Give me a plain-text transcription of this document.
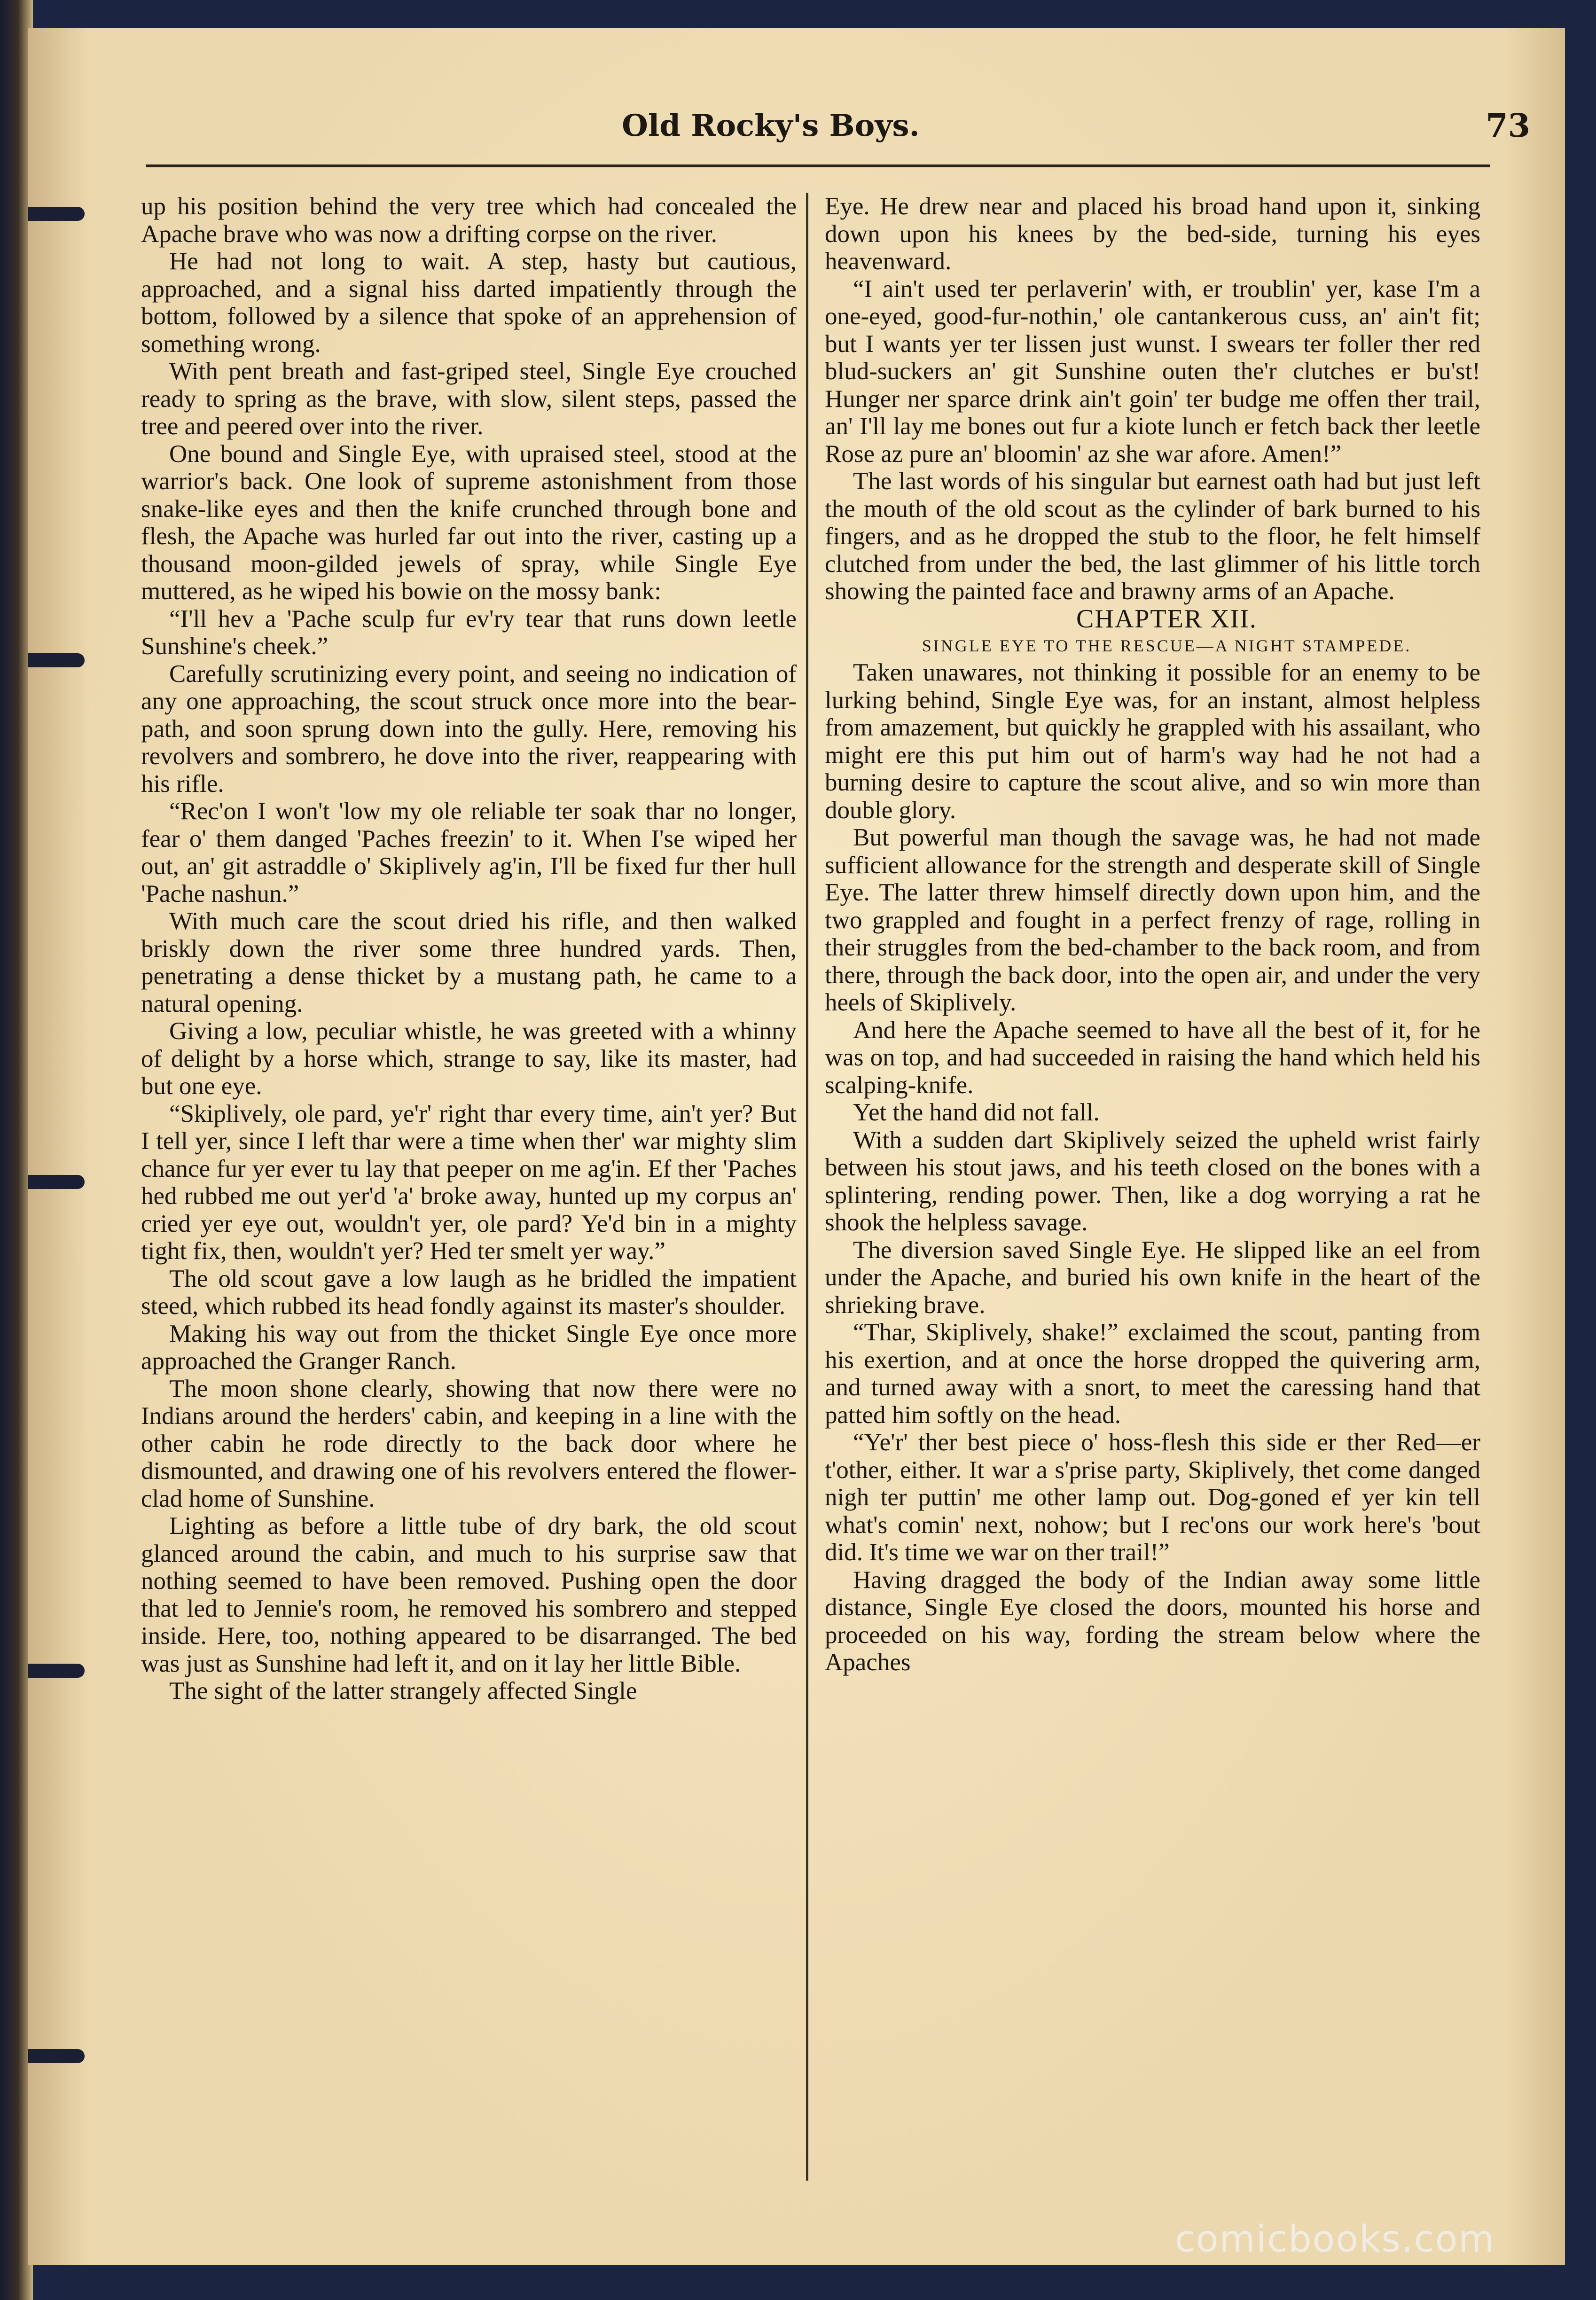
Old Rocky's Boys.	73

up his position behind the very tree which had concealed the Apache brave who was now a drifting corpse on the river.

He had not long to wait. A step, hasty but cautious, approached, and a signal hiss darted impatiently through the bottom, followed by a silence that spoke of an apprehension of something wrong.

With pent breath and fast-griped steel, Single Eye crouched ready to spring as the brave, with slow, silent steps, passed the tree and peered over into the river.

One bound and Single Eye, with upraised steel, stood at the warrior's back. One look of supreme astonishment from those snake-like eyes and then the knife crunched through bone and flesh, the Apache was hurled far out into the river, casting up a thousand moon-gilded jewels of spray, while Single Eye muttered, as he wiped his bowie on the mossy bank:

“I'll hev a 'Pache sculp fur ev'ry tear that runs down leetle Sunshine's cheek.”

Carefully scrutinizing every point, and seeing no indication of any one approaching, the scout struck once more into the bear-path, and soon sprung down into the gully. Here, removing his revolvers and sombrero, he dove into the river, reappearing with his rifle.

“Rec'on I won't 'low my ole reliable ter soak thar no longer, fear o' them danged 'Paches freezin' to it. When I'se wiped her out, an' git astraddle o' Skiplively ag'in, I'll be fixed fur ther hull 'Pache nashun.”

With much care the scout dried his rifle, and then walked briskly down the river some three hundred yards. Then, penetrating a dense thicket by a mustang path, he came to a natural opening.

Giving a low, peculiar whistle, he was greeted with a whinny of delight by a horse which, strange to say, like its master, had but one eye.

“Skiplively, ole pard, ye'r' right thar every time, ain't yer? But I tell yer, since I left thar were a time when ther' war mighty slim chance fur yer ever tu lay that peeper on me ag'in. Ef ther 'Paches hed rubbed me out yer'd 'a' broke away, hunted up my corpus an' cried yer eye out, wouldn't yer, ole pard? Ye'd bin in a mighty tight fix, then, wouldn't yer? Hed ter smelt yer way.”

The old scout gave a low laugh as he bridled the impatient steed, which rubbed its head fondly against its master's shoulder.

Making his way out from the thicket Single Eye once more approached the Granger Ranch.

The moon shone clearly, showing that now there were no Indians around the herders' cabin, and keeping in a line with the other cabin he rode directly to the back door where he dismounted, and drawing one of his revolvers entered the flower-clad home of Sunshine.

Lighting as before a little tube of dry bark, the old scout glanced around the cabin, and much to his surprise saw that nothing seemed to have been removed. Pushing open the door that led to Jennie's room, he removed his sombrero and stepped inside. Here, too, nothing appeared to be disarranged. The bed was just as Sunshine had left it, and on it lay her little Bible.

The sight of the latter strangely affected Single

Eye. He drew near and placed his broad hand upon it, sinking down upon his knees by the bed-side, turning his eyes heavenward.

“I ain't used ter perlaverin' with, er troublin' yer, kase I'm a one-eyed, good-fur-nothin,' ole cantankerous cuss, an' ain't fit; but I wants yer ter lissen just wunst. I swears ter foller ther red blud-suckers an' git Sunshine outen the'r clutches er bu'st! Hunger ner sparce drink ain't goin' ter budge me offen ther trail, an' I'll lay me bones out fur a kiote lunch er fetch back ther leetle Rose az pure an' bloomin' az she war afore. Amen!”

The last words of his singular but earnest oath had but just left the mouth of the old scout as the cylinder of bark burned to his fingers, and as he dropped the stub to the floor, he felt himself clutched from under the bed, the last glimmer of his little torch showing the painted face and brawny arms of an Apache.

CHAPTER XII.

SINGLE EYE TO THE RESCUE—A NIGHT STAMPEDE.

Taken unawares, not thinking it possible for an enemy to be lurking behind, Single Eye was, for an instant, almost helpless from amazement, but quickly he grappled with his assailant, who might ere this put him out of harm's way had he not had a burning desire to capture the scout alive, and so win more than double glory.

But powerful man though the savage was, he had not made sufficient allowance for the strength and desperate skill of Single Eye. The latter threw himself directly down upon him, and the two grappled and fought in a perfect frenzy of rage, rolling in their struggles from the bed-chamber to the back room, and from there, through the back door, into the open air, and under the very heels of Skiplively.

And here the Apache seemed to have all the best of it, for he was on top, and had succeeded in raising the hand which held his scalping-knife.

Yet the hand did not fall.

With a sudden dart Skiplively seized the upheld wrist fairly between his stout jaws, and his teeth closed on the bones with a splintering, rending power. Then, like a dog worrying a rat he shook the helpless savage.

The diversion saved Single Eye. He slipped like an eel from under the Apache, and buried his own knife in the heart of the shrieking brave.

“Thar, Skiplively, shake!” exclaimed the scout, panting from his exertion, and at once the horse dropped the quivering arm, and turned away with a snort, to meet the caressing hand that patted him softly on the head.

“Ye'r' ther best piece o' hoss-flesh this side er ther Red—er t'other, either. It war a s'prise party, Skiplively, thet come danged nigh ter puttin' me other lamp out. Dog-goned ef yer kin tell what's comin' next, nohow; but I rec'ons our work here's 'bout did. It's time we war on ther trail!”

Having dragged the body of the Indian away some little distance, Single Eye closed the doors, mounted his horse and proceeded on his way, fording the stream below where the Apaches

comicbooks.com
